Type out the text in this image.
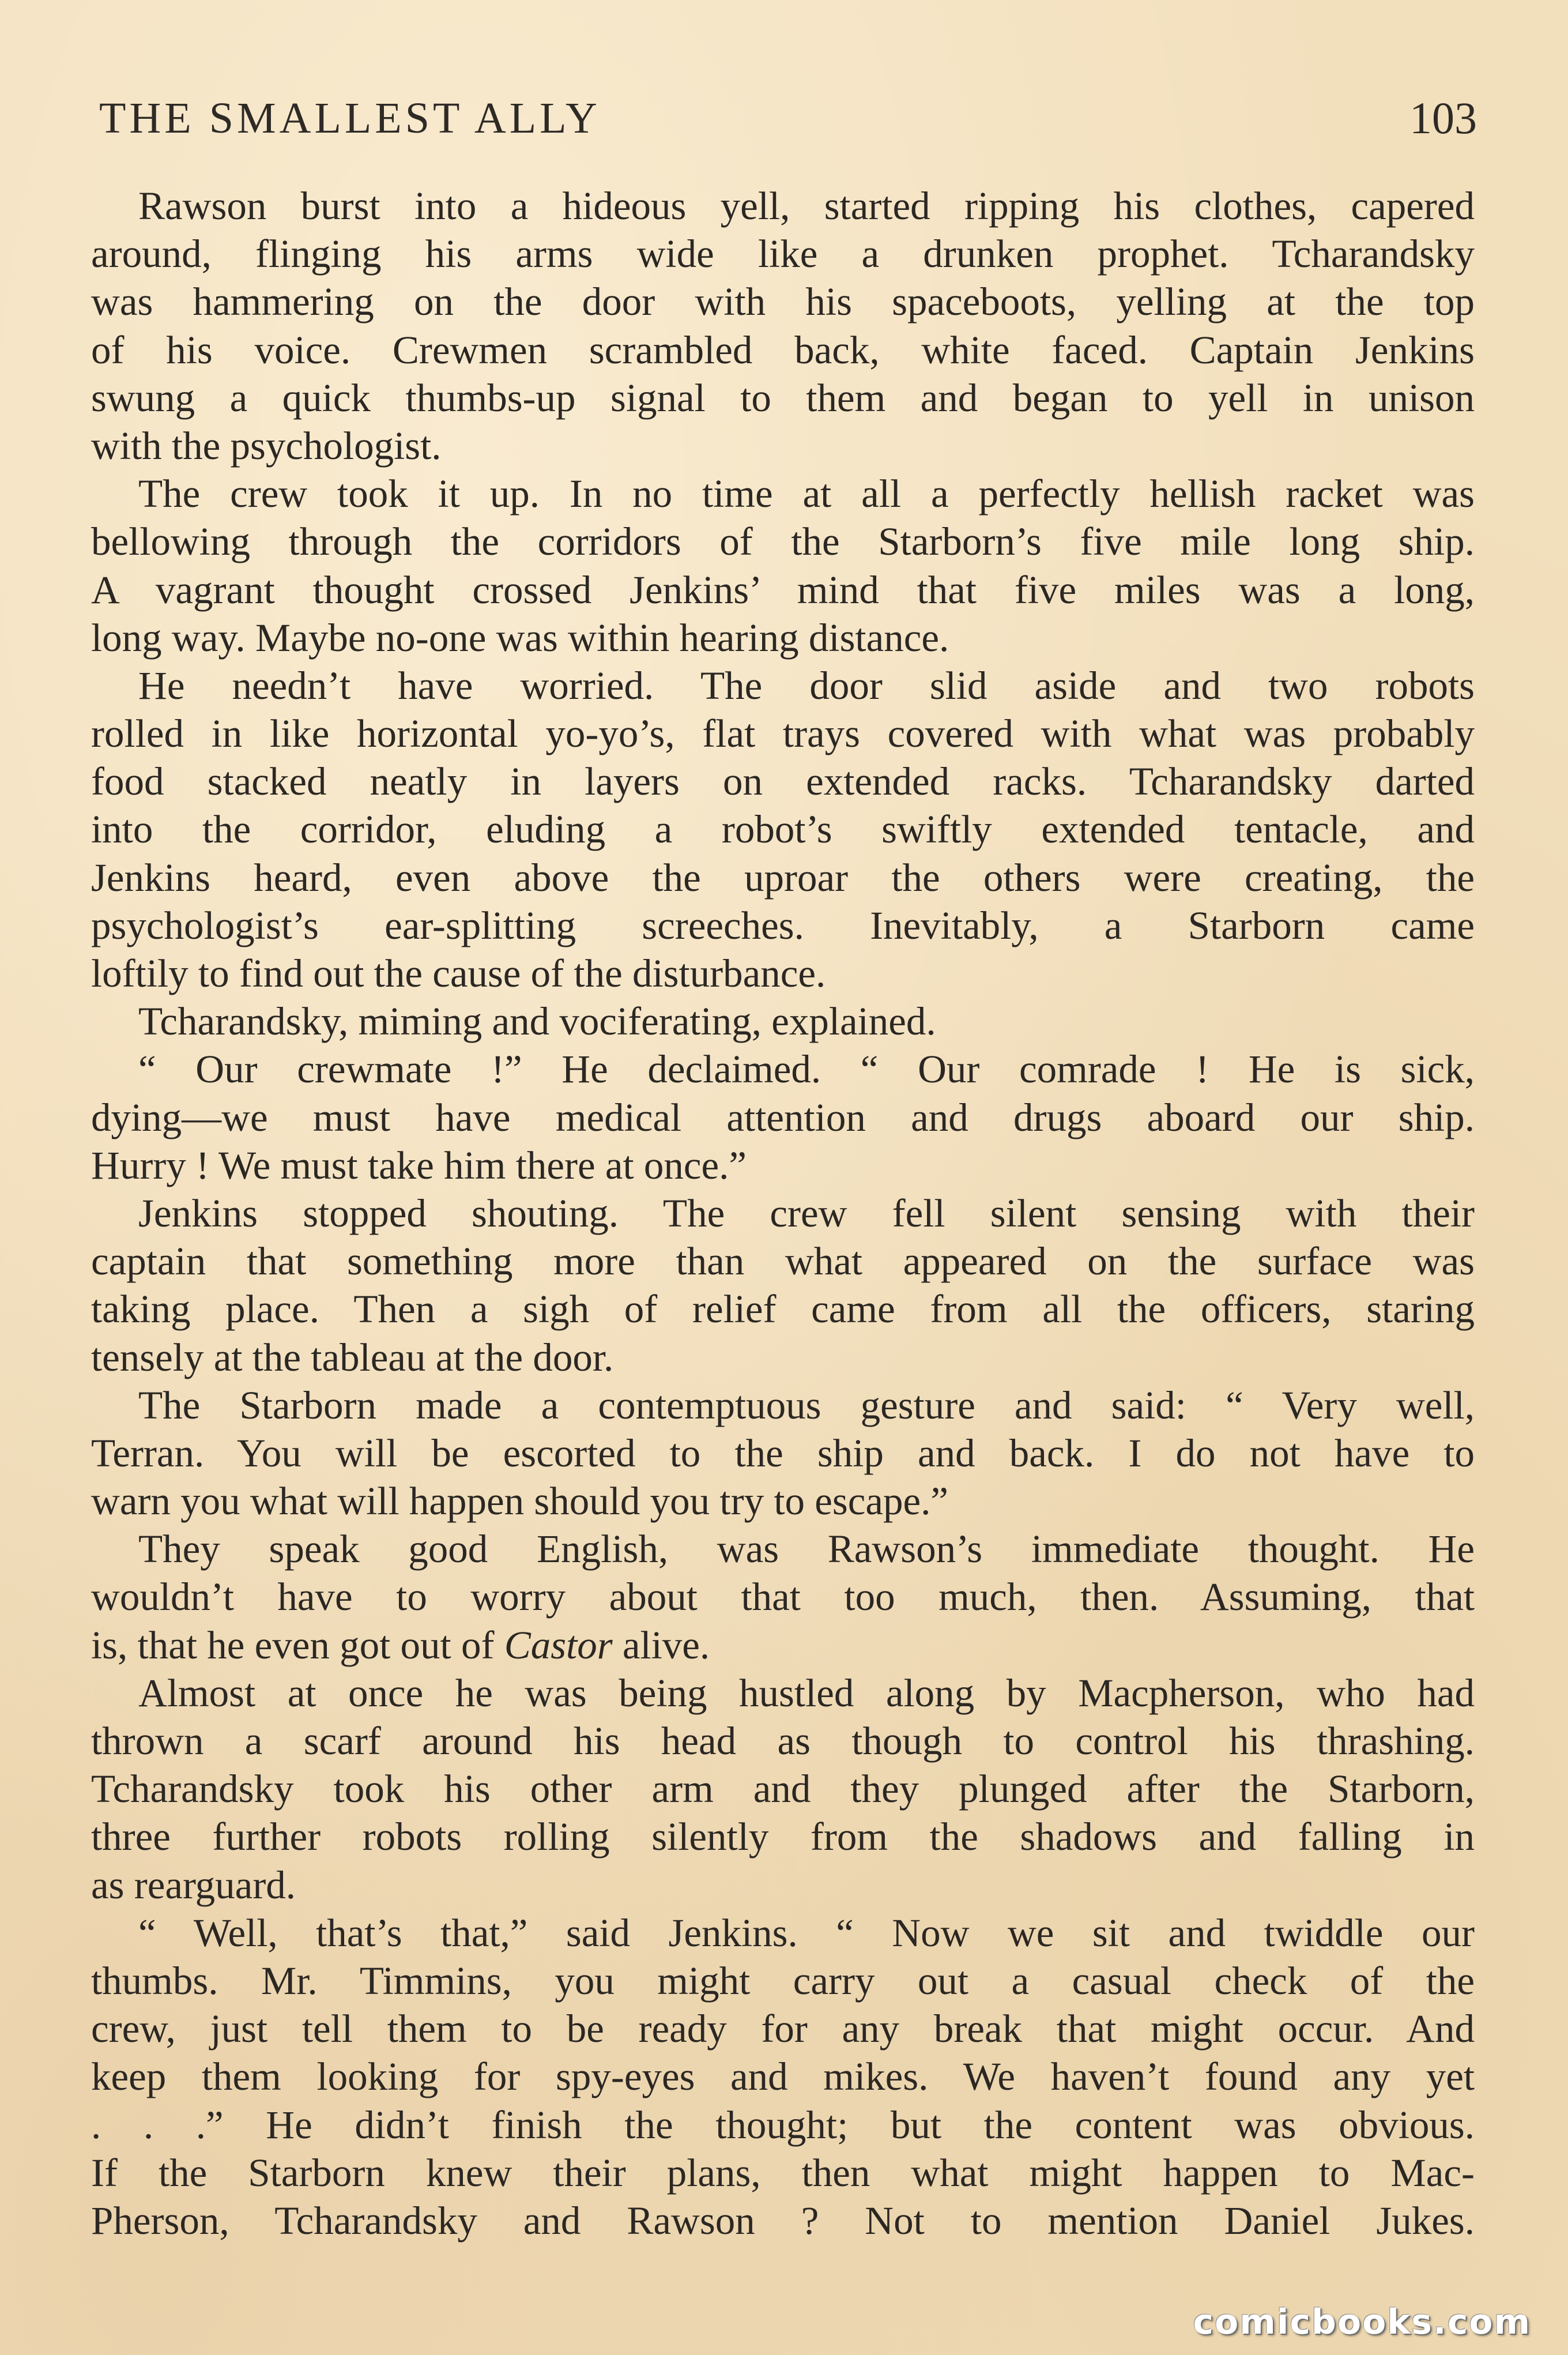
THE SMALLEST ALLY	103
Rawson burst into a hideous yell, started ripping his clothes, capered
around, flinging his arms wide like a drunken prophet. Tcharandsky
was hammering on the door with his spaceboots, yelling at the top
of his voice. Crewmen scrambled back, white faced. Captain Jenkins
swung a quick thumbs-up signal to them and began to yell in unison
with the psychologist.
The crew took it up. In no time at all a perfectly hellish racket was
bellowing through the corridors of the Starborn’s five mile long ship.
A vagrant thought crossed Jenkins’ mind that five miles was a long,
long way. Maybe no-one was within hearing distance.
He needn’t have worried. The door slid aside and two robots
rolled in like horizontal yo-yo’s, flat trays covered with what was probably
food stacked neatly in layers on extended racks. Tcharandsky darted
into the corridor, eluding a robot’s swiftly extended tentacle, and
Jenkins heard, even above the uproar the others were creating, the
psychologist’s ear-splitting screeches. Inevitably, a Starborn came
loftily to find out the cause of the disturbance.
Tcharandsky, miming and vociferating, explained.
“ Our crewmate !” He declaimed. “ Our comrade ! He is sick,
dying—we must have medical attention and drugs aboard our ship.
Hurry ! We must take him there at once.”
Jenkins stopped shouting. The crew fell silent sensing with their
captain that something more than what appeared on the surface was
taking place. Then a sigh of relief came from all the officers, staring
tensely at the tableau at the door.
The Starborn made a contemptuous gesture and said: “ Very well,
Terran. You will be escorted to the ship and back. I do not have to
warn you what will happen should you try to escape.”
They speak good English, was Rawson’s immediate thought. He
wouldn’t have to worry about that too much, then. Assuming, that
is, that he even got out of Castor alive.
Almost at once he was being hustled along by Macpherson, who had
thrown a scarf around his head as though to control his thrashing.
Tcharandsky took his other arm and they plunged after the Starborn,
three further robots rolling silently from the shadows and falling in
as rearguard.
“ Well, that’s that,” said Jenkins. “ Now we sit and twiddle our
thumbs. Mr. Timmins, you might carry out a casual check of the
crew, just tell them to be ready for any break that might occur. And
keep them looking for spy-eyes and mikes. We haven’t found any yet
. . .” He didn’t finish the thought; but the content was obvious.
If the Starborn knew their plans, then what might happen to Mac-
Pherson, Tcharandsky and Rawson ? Not to mention Daniel Jukes.
comicbooks.com
